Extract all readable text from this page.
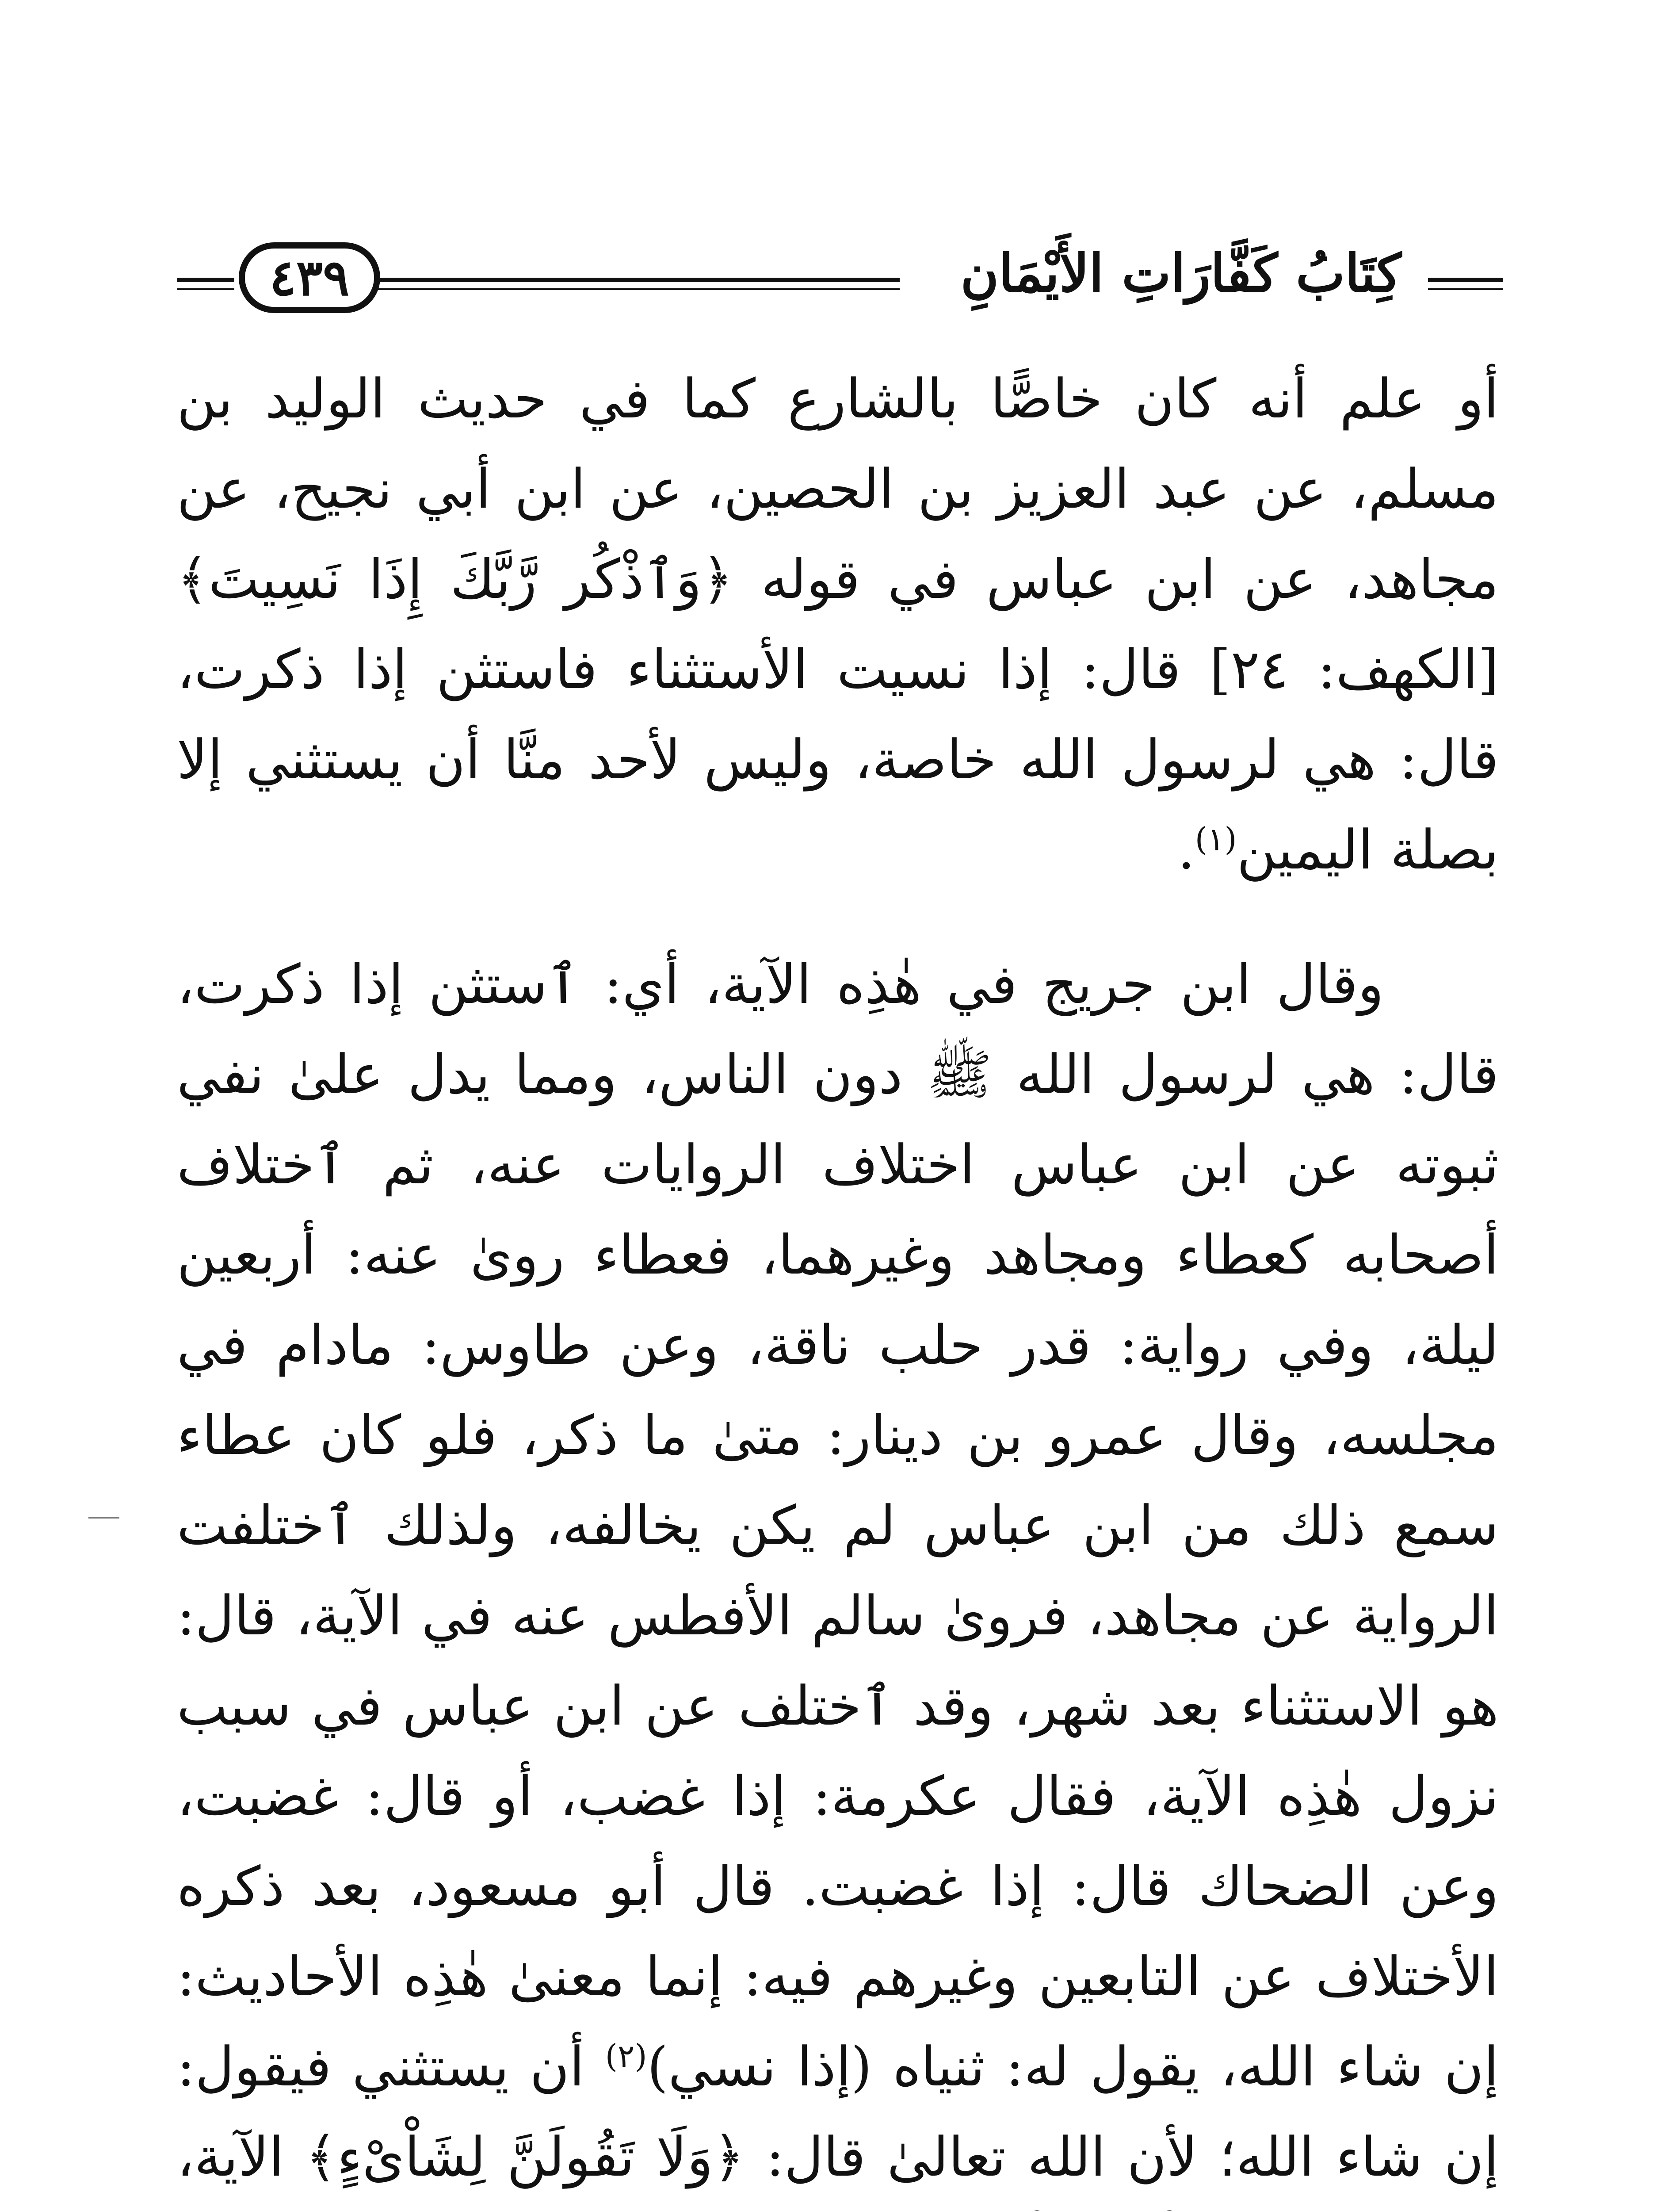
كِتَابُ كَفَّارَاتِ الأَيْمَانِ
٤٣٩

أو علم أنه كان خاصًّا بالشارع كما في حديث الوليد بن مسلم، عن عبد العزيز بن الحصين، عن ابن أبي نجيح، عن مجاهد، عن ابن عباس في قوله ﴿وَٱذْكُر رَّبَّكَ إِذَا نَسِيتَ﴾ [الكهف: ٢٤] قال: إذا نسيت الأستثناء فاستثن إذا ذكرت، قال: هي لرسول الله خاصة، وليس لأحد منَّا أن يستثني إلا بصلة اليمين$^{(١)}$.

وقال ابن جريج في هٰذِه الآية، أي: ٱستثن إذا ذكرت، قال: هي لرسول الله ﷺ دون الناس، ومما يدل علىٰ نفي ثبوته عن ابن عباس اختلاف الروايات عنه، ثم ٱختلاف أصحابه كعطاء ومجاهد وغيرهما، فعطاء روىٰ عنه: أربعين ليلة، وفي رواية: قدر حلب ناقة، وعن طاوس: مادام في مجلسه، وقال عمرو بن دينار: متىٰ ما ذكر، فلو كان عطاء سمع ذلك من ابن عباس لم يكن يخالفه، ولذلك ٱختلفت الرواية عن مجاهد، فروىٰ سالم الأفطس عنه في الآية، قال: هو الاستثناء بعد شهر، وقد ٱختلف عن ابن عباس في سبب نزول هٰذِه الآية، فقال عكرمة: إذا غضب، أو قال: غضبت، وعن الضحاك قال: إذا غضبت. قال أبو مسعود، بعد ذكره الأختلاف عن التابعين وغيرهم فيه: إنما معنىٰ هٰذِه الأحاديث: إن شاء الله، يقول له: ثنياه (إذا نسي)$^{(٢)}$ أن يستثني فيقول: إن شاء الله؛ لأن الله تعالىٰ قال: ﴿وَلَا تَقُولَنَّ لِشَاْىْءٍ﴾ الآية،
